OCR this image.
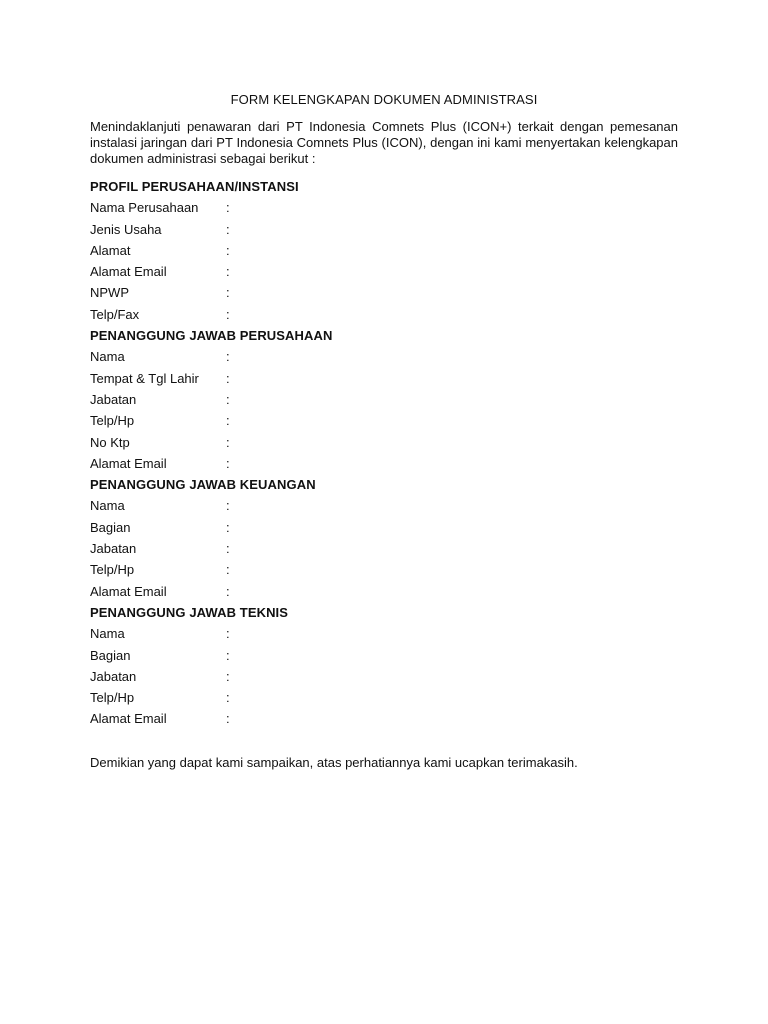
FORM KELENGKAPAN DOKUMEN ADMINISTRASI
Menindaklanjuti penawaran dari PT Indonesia Comnets Plus (ICON+) terkait dengan pemesanan instalasi jaringan dari PT Indonesia Comnets Plus (ICON), dengan ini kami menyertakan kelengkapan dokumen administrasi sebagai berikut :
PROFIL PERUSAHAAN/INSTANSI
Nama Perusahaan :
Jenis Usaha	:
Alamat	:
Alamat Email	:
NPWP	:
Telp/Fax	:
PENANGGUNG JAWAB PERUSAHAAN
Nama	:
Tempat & Tgl Lahir :
Jabatan	:
Telp/Hp	:
No Ktp	:
Alamat Email	:
PENANGGUNG JAWAB KEUANGAN
Nama	:
Bagian	:
Jabatan	:
Telp/Hp	:
Alamat Email	:
PENANGGUNG JAWAB TEKNIS
Nama	:
Bagian	:
Jabatan	:
Telp/Hp	:
Alamat Email	:
Demikian yang dapat kami sampaikan, atas perhatiannya kami ucapkan terimakasih.
